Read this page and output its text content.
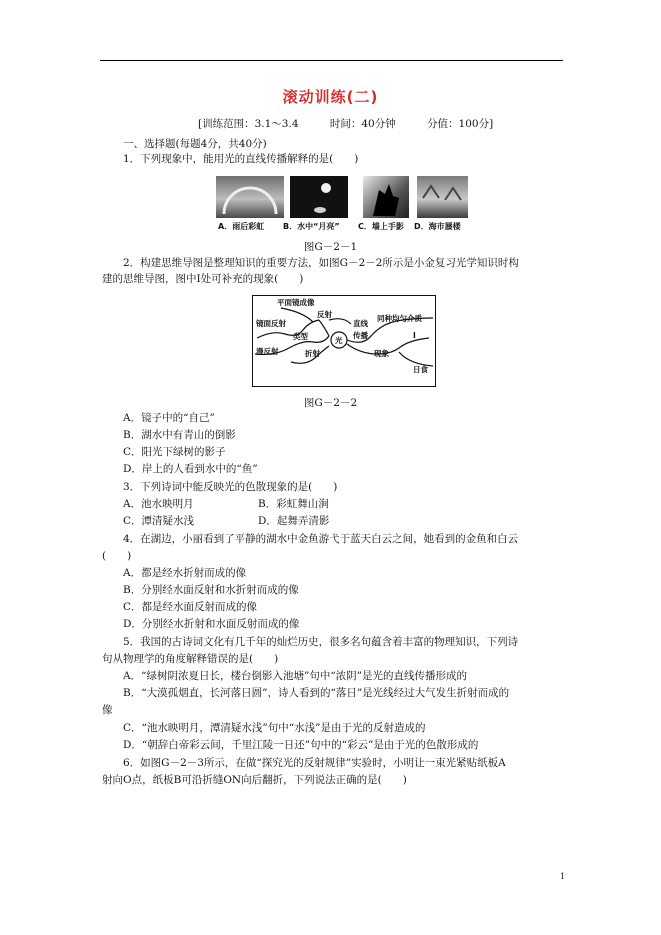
滚动训练(二)
[训练范围：3.1～3.4	时间：40分钟	分值：100分]
一、选择题(每题4分，共40分)
1．下列现象中，能用光的直线传播解释的是(　　)
A．雨后彩虹 B．水中“月亮” C．墙上手影 D．海市蜃楼
图G－2－1
2．构建思维导图是整理知识的重要方法，如图G－2－2所示是小金复习光学知识时构
建的思维导图，图中Ⅰ处可补充的现象(　　)
平面镜成像
镜面反射
反射
类型
漫反射	折射
光
直线
传播
同种均匀介质
Ⅰ
现象
日食
图G－2－2
A．镜子中的“自己”
B．湖水中有青山的倒影
C．阳光下绿树的影子
D．岸上的人看到水中的“鱼”
3．下列诗词中能反映光的色散现象的是(　　)
A．池水映明月	B．彩虹舞山涧
C．潭清疑水浅	D．起舞弄清影
4．在湖边，小丽看到了平静的湖水中金鱼游弋于蓝天白云之间，她看到的金鱼和白云
(　　)
A．都是经水折射而成的像
B．分别经水面反射和水折射而成的像
C．都是经水面反射而成的像
D．分别经水折射和水面反射而成的像
5．我国的古诗词文化有几千年的灿烂历史，很多名句蕴含着丰富的物理知识，下列诗
句从物理学的角度解释错误的是(　　)
A．“绿树阴浓夏日长，楼台倒影入池塘”句中“浓阴”是光的直线传播形成的
B．“大漠孤烟直，长河落日圆”，诗人看到的“落日”是光线经过大气发生折射而成的
像
C．“池水映明月，潭清疑水浅”句中“水浅”是由于光的反射造成的
D．“朝辞白帝彩云间，千里江陵一日还”句中的“彩云”是由于光的色散形成的
6．如图G－2－3所示，在做“探究光的反射规律”实验时，小明让一束光紧贴纸板A
射向O点，纸板B可沿折缝ON向后翻折，下列说法正确的是(　　)
1
